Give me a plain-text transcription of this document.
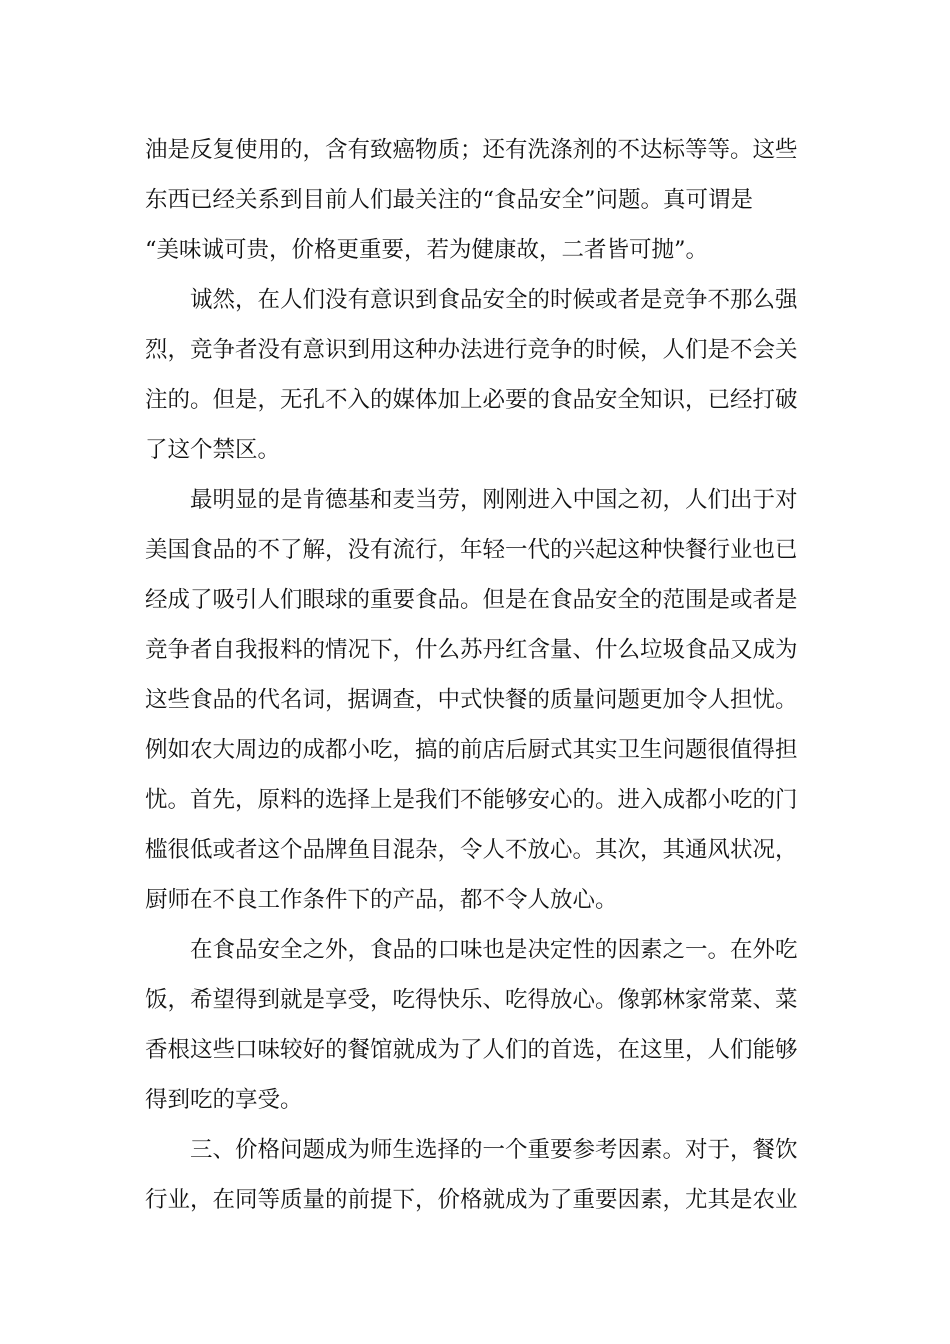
油是反复使用的，含有致癌物质；还有洗涤剂的不达标等等。这些
东西已经关系到目前人们最关注的“食品安全”问题。真可谓是
“美味诚可贵，价格更重要，若为健康故，二者皆可抛”。
诚然，在人们没有意识到食品安全的时候或者是竞争不那么强
烈，竞争者没有意识到用这种办法进行竞争的时候，人们是不会关
注的。但是，无孔不入的媒体加上必要的食品安全知识，已经打破
了这个禁区。
最明显的是肯德基和麦当劳，刚刚进入中国之初，人们出于对
美国食品的不了解，没有流行，年轻一代的兴起这种快餐行业也已
经成了吸引人们眼球的重要食品。但是在食品安全的范围是或者是
竞争者自我报料的情况下，什么苏丹红含量、什么垃圾食品又成为
这些食品的代名词，据调查，中式快餐的质量问题更加令人担忧。
例如农大周边的成都小吃，搞的前店后厨式其实卫生问题很值得担
忧。首先，原料的选择上是我们不能够安心的。进入成都小吃的门
槛很低或者这个品牌鱼目混杂，令人不放心。其次，其通风状况，
厨师在不良工作条件下的产品，都不令人放心。
在食品安全之外，食品的口味也是决定性的因素之一。在外吃
饭，希望得到就是享受，吃得快乐、吃得放心。像郭林家常菜、菜
香根这些口味较好的餐馆就成为了人们的首选，在这里，人们能够
得到吃的享受。
三、价格问题成为师生选择的一个重要参考因素。对于，餐饮
行业，在同等质量的前提下，价格就成为了重要因素，尤其是农业
